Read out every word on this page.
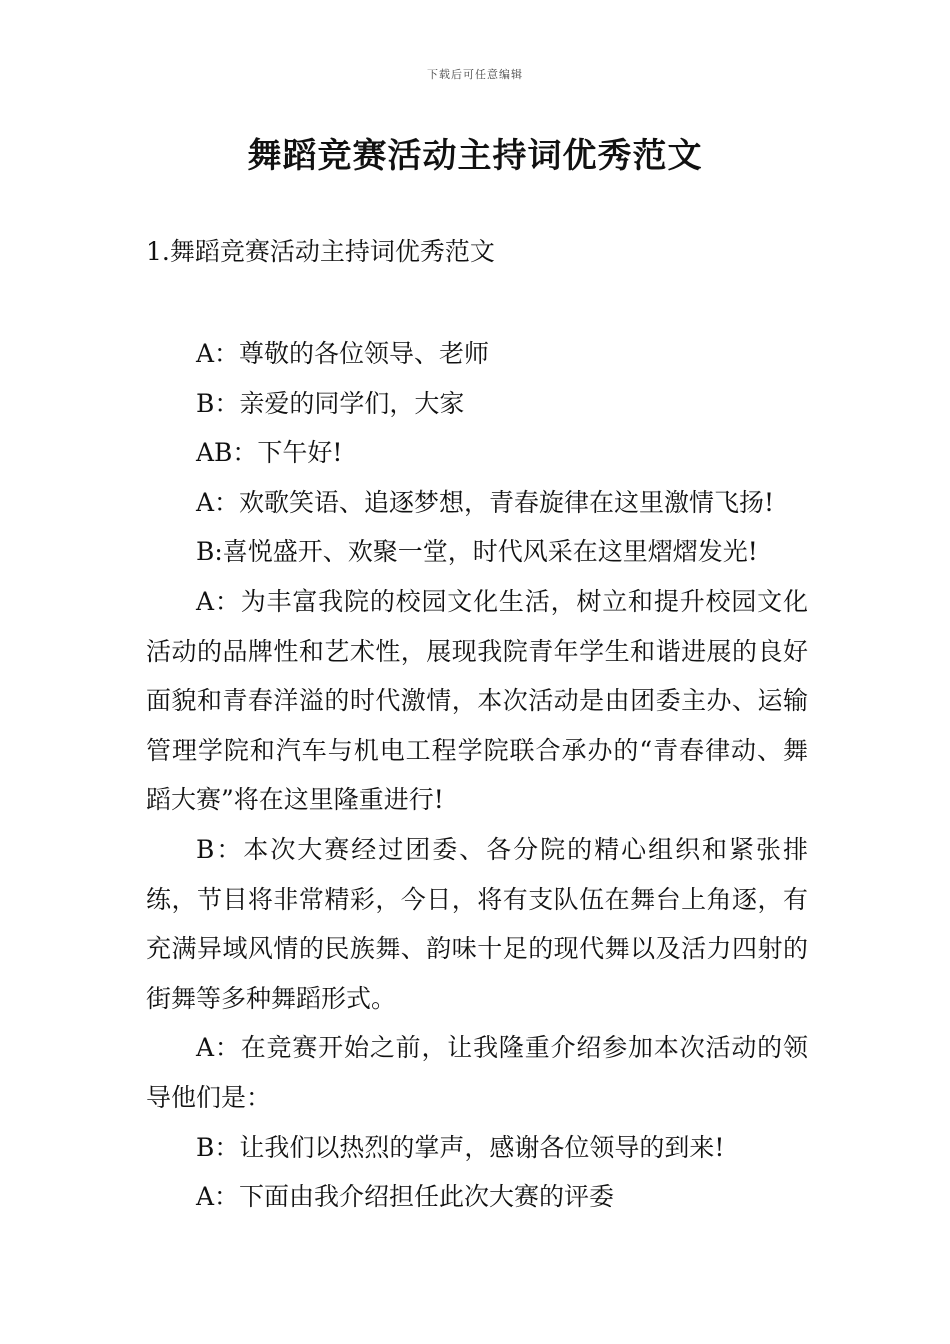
下载后可任意编辑
舞蹈竞赛活动主持词优秀范文
1.舞蹈竞赛活动主持词优秀范文

A：尊敬的各位领导、老师

B：亲爱的同学们，大家

AB：下午好!

A：欢歌笑语、追逐梦想，青春旋律在这里激情飞扬!

B:喜悦盛开、欢聚一堂，时代风采在这里熠熠发光!

A：为丰富我院的校园文化生活，树立和提升校园文化活动的品牌性和艺术性，展现我院青年学生和谐进展的良好面貌和青春洋溢的时代激情，本次活动是由团委主办、运输管理学院和汽车与机电工程学院联合承办的“青春律动、舞蹈大赛”将在这里隆重进行!

B：本次大赛经过团委、各分院的精心组织和紧张排练，节目将非常精彩，今日，将有支队伍在舞台上角逐，有充满异域风情的民族舞、韵味十足的现代舞以及活力四射的街舞等多种舞蹈形式。

A：在竞赛开始之前，让我隆重介绍参加本次活动的领导他们是：

B：让我们以热烈的掌声，感谢各位领导的到来!

A：下面由我介绍担任此次大赛的评委
